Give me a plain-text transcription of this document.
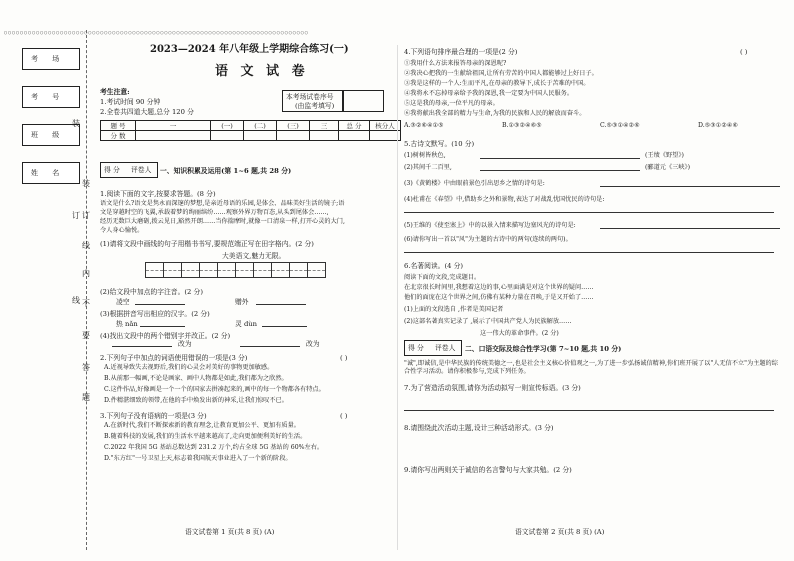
○○○○○○○○○○○○○○○○○○○○○○○○○○○○○○○○○○○○○○○○○○○○○○○○○○○○○○○○○○○○○○○○○○○○○○○○○○○○
考 场
考 号
班 级
姓 名
装
订
线
内
不
要
答
题
装
订
线
2023—2024 年八年级上学期综合练习(一)
语 文 试 卷
考生注意:
1.考试时间 90 分钟
2.全卷共四道大题,总分 120 分
本考场试卷序号
(由监考填写)
题 号	一	(一)	(二)	(三)	三	总 分	核分人
分 数							
得 分 评卷人 一、知识积累及运用(第 1~6 题,共 28 分)
1.阅读下面的文字,按要求答题。(8 分)
语文是什么?语文是隽永而深邃的梦想,是亲近母语的乐园,是体会、品味美好生活的镜子;语
文是穿越时空的飞翼,承载着梦的绚丽缤纷……观察外界万物百态,从头到尾体会……,
经历无数巨大磨砺,拨云见日,豁然开朗……当你揣摩时,就像一口清泉一样,打开心灵的大门,
令人身心愉悦。
(1)请将文段中画线的句子用楷书书写,要规范端正写在田字格内。(2 分)
大美语文,魅力无限。
(2)给文段中加点的字注音。(2 分)
凌空	赠外
(3)根据拼音写出相应的汉字。(2 分)
热 nǎn	灵 dùn
(4)找出文段中的两个错别字并改正。(2 分)
改为	改为
2.下列句子中加点的词语使用错误的一项是(3 分)	( )
A.近视导致失去视野后,我们的心灵会对美好的事物更加敏感。
B.从前那一幅画,不论是画家、画中人物都是如此,我们都为之欣然。
C.这件作品,好像画是一个一个的国家去拼凑起来的,画中的每一个物都各有特点。
D.件精湛细致的领带,在他的手中焕发出新的神采,让我们惊叹不已。
3.下列句子没有语病的一项是(3 分)	( )
A.在新时代,我们不断探索新的教育理念,让教育更加公平、更加有质量。
B.随着科技的发展,我们的生活水平越来越高了,走向更加便利美好的生活。
C.2022 年我国 5G 基站总数达到 231.2 万个,约占全球 5G 基站的 60%左右。
D."东方红"一号卫星上天,标志着我国航天事业进入了一个新的阶段。
语文试卷第 1 页(共 8 页) (A)
4.下列语句排序最合理的一项是(2 分)	( )
①我用什么方法来报答母亲的深恩呢?
②我决心把我的一生献给祖国,让所有劳苦的中国人都能够过上好日子。
③我是这样的一个人:生而平凡,在母亲的教导下,成长于苦难的中国。
④我将永不忘掉母亲给予我的深恩,我一定要为中国人民服务。
⑤这是我的母亲,一位平凡的母亲。
⑥我将献出我全部的精力与生命,为我的民族和人民的解放而奋斗。
A.③②⑥④①⑤	B.①③②④⑥⑤	C.⑤③①④②⑥	D.⑤③①②④⑥
5.古诗文默写。(10 分)
(1)树树皆秋色,	(王绩《野望》)
(2)其间千二百里,	(郦道元《三峡》)
(3)《黄鹤楼》中由眼前景色引出思乡之情的诗句是:
(4)杜甫在《春望》中,借助乡之外和景物,表达了对战乱忧国忧民的诗句是:
(5)王维的《使至塞上》中的以景入情来描写边塞风光的诗句是:
(6)请你写出一首以"风"为主题的古诗中的两句(连续的两句)。
6.名著阅读。(4 分)
阅读下面的文段,完成题目。
在北京很长时间里,我想着这边的事,心里面满是对这个世界的疑问……
他们的面庞在这个世界之间,仿佛有某种力量在召唤,于是又开始了……
(1)上面的文段选自 ,作者是美国记者
(2)这部名著真实记录了 ,展示了中国共产党人为民族解放……
这一伟大的革命事件。(2 分)
得 分 评卷人 二、口语交际及综合性学习(第 7~10 题,共 10 分)
"诚",即诚信,是中华民族的传统美德之一,也是社会主义核心价值观之一,为了进一步弘扬诚信精神,你们班开展了以"人无信不立"为主题的综合性学习活动。请你积极参与,完成下列任务。
7.为了营造活动氛围,请你为活动拟写一则宣传标语。(3 分)
8.请围绕此次活动主题,设计三种活动形式。(3 分)
9.请你写出两则关于诚信的名言警句与大家共勉。(2 分)
语文试卷第 2 页(共 8 页) (A)
